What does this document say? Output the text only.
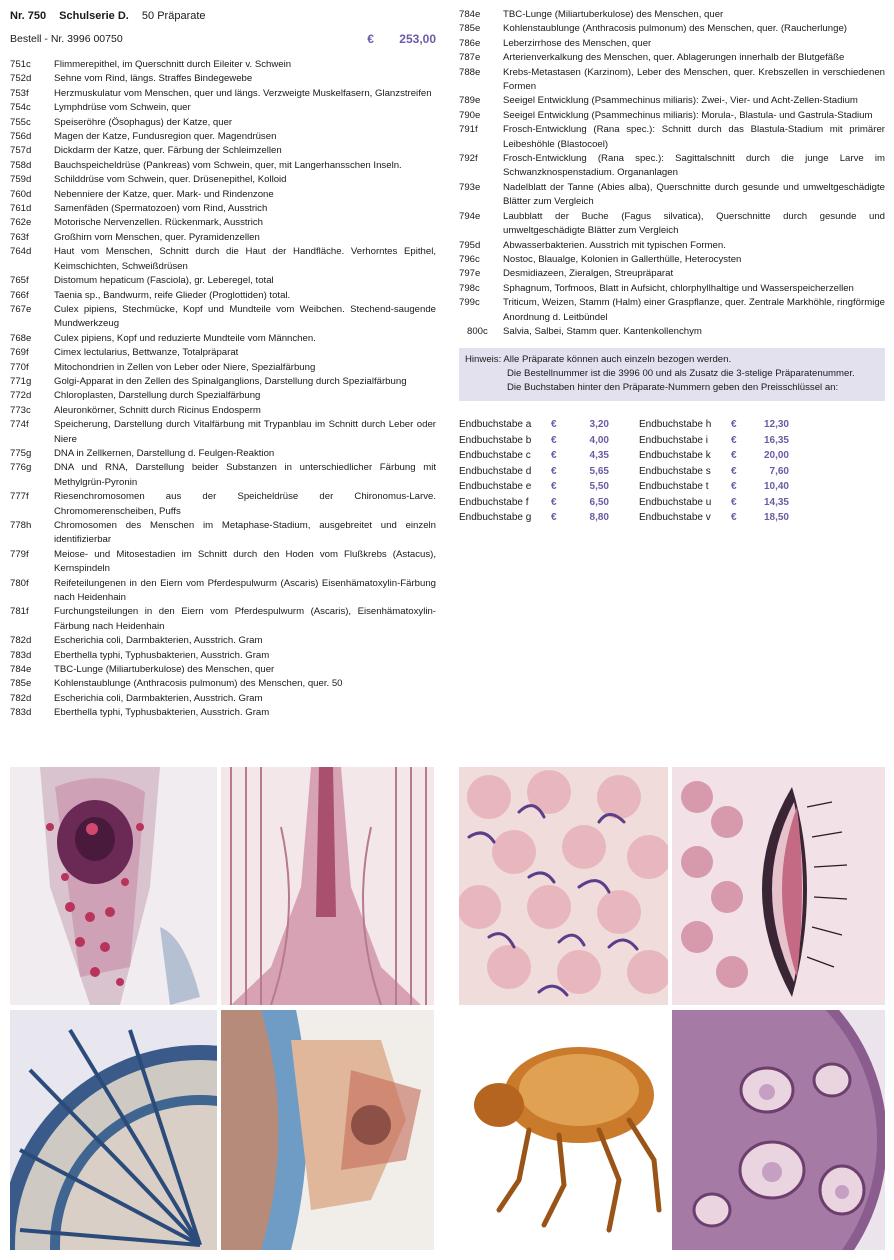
Nr. 750 Schulserie D. 50 Präparate
Bestell - Nr. 3996 00750	€ 253,00
751c	Flimmerepithel, im Querschnitt durch Eileiter v. Schwein
752d	Sehne vom Rind, längs. Straffes Bindegewebe
753f	Herzmuskulatur vom Menschen, quer und längs. Verzweigte Muskelfasern, Glanzstreifen
754c	Lymphdrüse vom Schwein, quer
755c	Speiseröhre (Ösophagus) der Katze, quer
756d	Magen der Katze, Fundusregion quer. Magendrüsen
757d	Dickdarm der Katze, quer. Färbung der Schleimzellen
758d	Bauchspeicheldrüse (Pankreas) vom Schwein, quer, mit Langerhansschen Inseln.
759d	Schilddrüse vom Schwein, quer. Drüsenepithel, Kolloid
760d	Nebenniere der Katze, quer. Mark- und Rindenzone
761d	Samenfäden (Spermatozoen) vom Rind, Ausstrich
762e	Motorische Nervenzellen. Rückenmark, Ausstrich
763f	Großhirn vom Menschen, quer. Pyramidenzellen
764d	Haut vom Menschen, Schnitt durch die Haut der Handfläche. Verhorntes Epithel, Keimschichten, Schweißdrüsen
765f	Distomum hepaticum (Fasciola), gr. Leberegel, total
766f	Taenia sp., Bandwurm, reife Glieder (Proglottiden) total.
767e	Culex pipiens, Stechmücke, Kopf und Mundteile vom Weibchen. Stechend-saugende Mundwerkzeug
768e	Culex pipiens, Kopf und reduzierte Mundteile vom Männchen.
769f	Cimex lectularius, Bettwanze, Totalpräparat
770f	Mitochondrien in Zellen von Leber oder Niere, Spezialfärbung
771g	Golgi-Apparat in den Zellen des Spinalganglions, Darstellung durch Spezialfärbung
772d	Chloroplasten, Darstellung durch Spezialfärbung
773c	Aleuronkörner, Schnitt durch Ricinus Endosperm
774f	Speicherung, Darstellung durch Vitalfärbung mit Trypanblau im Schnitt durch Leber oder Niere
775g	DNA in Zellkernen, Darstellung d. Feulgen-Reaktion
776g	DNA und RNA, Darstellung beider Substanzen in unterschiedlicher Färbung mit Methylgrün-Pyronin
777f	Riesenchromosomen aus der Speicheldrüse der Chironomus-Larve. Chromomerenscheiben, Puffs
778h	Chromosomen des Menschen im Metaphase-Stadium, ausgebreitet und einzeln identifizierbar
779f	Meiose- und Mitosestadien im Schnitt durch den Hoden vom Flußkrebs (Astacus), Kernspindeln
780f	Reifeteilungenen in den Eiern vom Pferdespulwurm (Ascaris) Eisenhämatoxylin-Färbung nach Heidenhain
781f	Furchungsteilungen in den Eiern vom Pferdespulwurm (Ascaris), Eisenhämatoxylin-Färbung nach Heidenhain
782d	Escherichia coli, Darmbakterien, Ausstrich. Gram
783d	Eberthella typhi, Typhusbakterien, Ausstrich. Gram
784e	TBC-Lunge (Miliartuberkulose) des Menschen, quer
785e	Kohlenstaublunge (Anthracosis pulmonum) des Menschen, quer. 50
782d	Escherichia coli, Darmbakterien, Ausstrich. Gram
783d	Eberthella typhi, Typhusbakterien, Ausstrich. Gram
784e	TBC-Lunge (Miliartuberkulose) des Menschen, quer
785e	Kohlenstaublunge (Anthracosis pulmonum) des Menschen, quer. (Raucherlunge)
786e	Leberzirrhose des Menschen, quer
787e	Arterienverkalkung des Menschen, quer. Ablagerungen innerhalb der Blutgefäße
788e	Krebs-Metastasen (Karzinom), Leber des Menschen, quer. Krebszellen in verschiedenen Formen
789e	Seeigel Entwicklung (Psammechinus miliaris): Zwei-, Vier- und Acht-Zellen-Stadium
790e	Seeigel Entwicklung (Psammechinus miliaris): Morula-, Blastula- und Gastrula-Stadium
791f	Frosch-Entwicklung (Rana spec.): Schnitt durch das Blastula-Stadium mit primärer Leibeshöhle (Blastocoel)
792f	Frosch-Entwicklung (Rana spec.): Sagittalschnitt durch die junge Larve im Schwanzknospenstadium. Organanlagen
793e	Nadelblatt der Tanne (Abies alba), Querschnitte durch gesunde und umweltgeschädigte Blätter zum Vergleich
794e	Laubblatt der Buche (Fagus silvatica), Querschnitte durch gesunde und umweltgeschädigte Blätter zum Vergleich
795d	Abwasserbakterien. Ausstrich mit typischen Formen.
796c	Nostoc, Blaualge, Kolonien in Gallerthülle, Heterocysten
797e	Desmidiazeen, Zieralgen, Streupräparat
798c	Sphagnum, Torfmoos, Blatt in Aufsicht, chlorphyllhaltige und Wasserspeicherzellen
799c	Triticum, Weizen, Stamm (Halm) einer Graspflanze, quer. Zentrale Markhöhle, ringförmige Anordnung d. Leitbündel
800c	Salvia, Salbei, Stamm quer. Kantenkollenchym
Hinweis: Alle Präparate können auch einzeln bezogen werden.
Die Bestellnummer ist die 3996 00 und als Zusatz die 3-stelige Präparatenummer.
Die Buchstaben hinter den Präparate-Nummern geben den Preisschlüssel an:
Endbuchstabe a	€	3,20
Endbuchstabe b	€	4,00
Endbuchstabe c	€	4,35
Endbuchstabe d	€	5,65
Endbuchstabe e	€	5,50
Endbuchstabe f	€	6,50
Endbuchstabe g	€	8,80
Endbuchstabe h	€	12,30
Endbuchstabe i	€	16,35
Endbuchstabe k	€	20,00
Endbuchstabe s	€	7,60
Endbuchstabe t	€	10,40
Endbuchstabe u	€	14,35
Endbuchstabe v	€	18,50
